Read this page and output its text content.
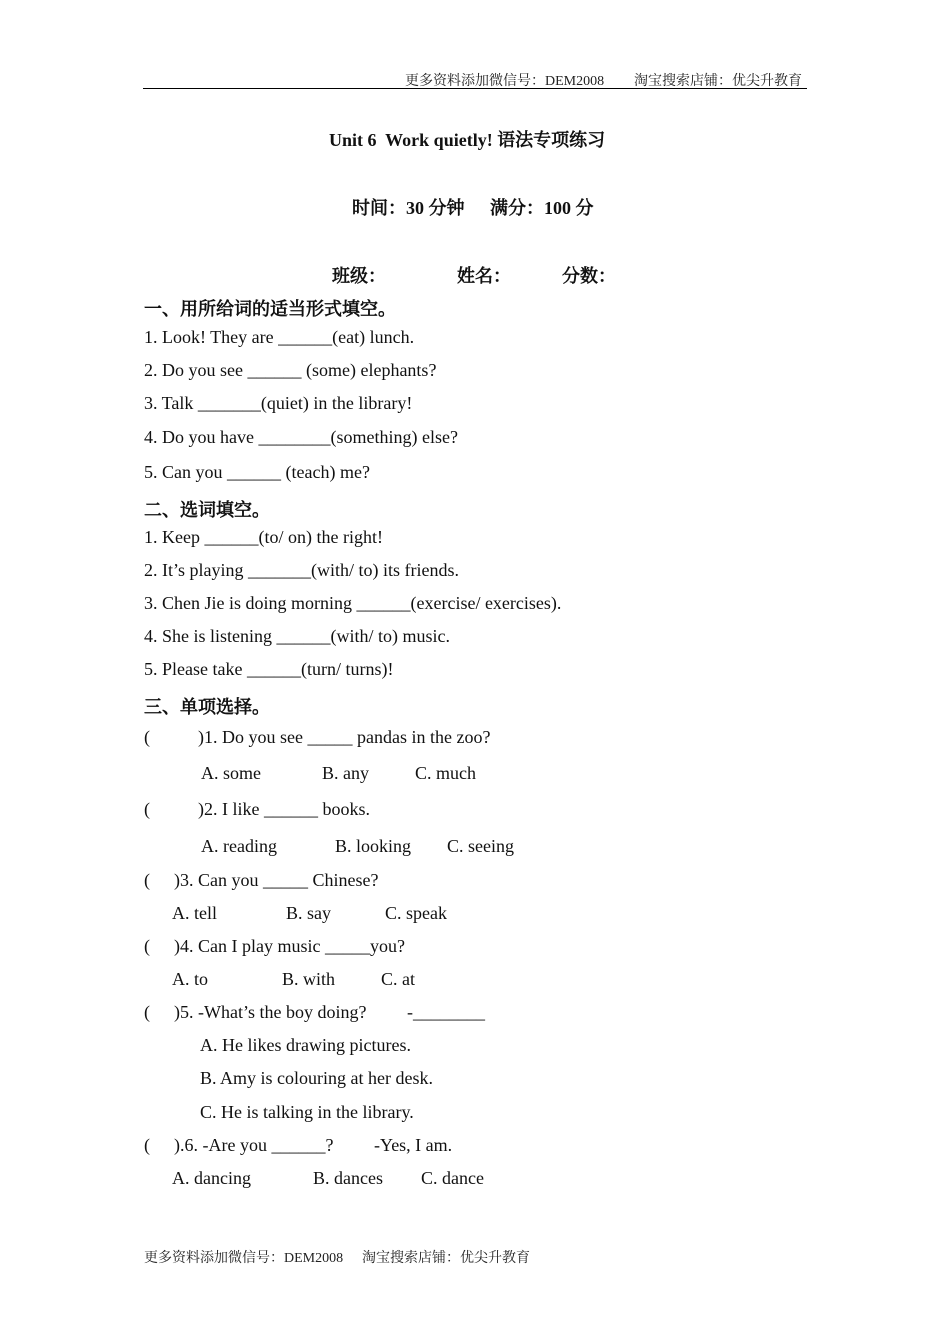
更多资料添加微信号：DEM2008 淘宝搜索店铺：优尖升教育
Unit 6  Work quietly! 语法专项练习
时间：30 分钟 满分：100 分
班级：	姓名：	分数：
一、用所给词的适当形式填空。
1. Look! They are ______(eat) lunch.
2. Do you see ______ (some) elephants?
3. Talk _______(quiet) in the library!
4. Do you have ________(something) else?
5. Can you ______ (teach) me?
二、选词填空。
1. Keep ______(to/ on) the right!
2. It’s playing _______(with/ to) its friends.
3. Chen Jie is doing morning ______(exercise/ exercises).
4. She is listening ______(with/ to) music.
5. Please take ______(turn/ turns)!
三、单项选择。
(	)1. Do you see _____ pandas in the zoo?
A. some	B. any	C. much
(	)2. I like ______ books.
A. reading	B. looking C. seeing
( )3. Can you _____ Chinese?
A. tell	B. say	C. speak
( )4. Can I play music _____you?
A. to	B. with	C. at
( )5. -What’s the boy doing? -________
A. He likes drawing pictures.
B. Amy is colouring at her desk.
C. He is talking in the library.
( ).6. -Are you ______? -Yes, I am.
A. dancing	B. dances C. dance
更多资料添加微信号：DEM2008 淘宝搜索店铺：优尖升教育
